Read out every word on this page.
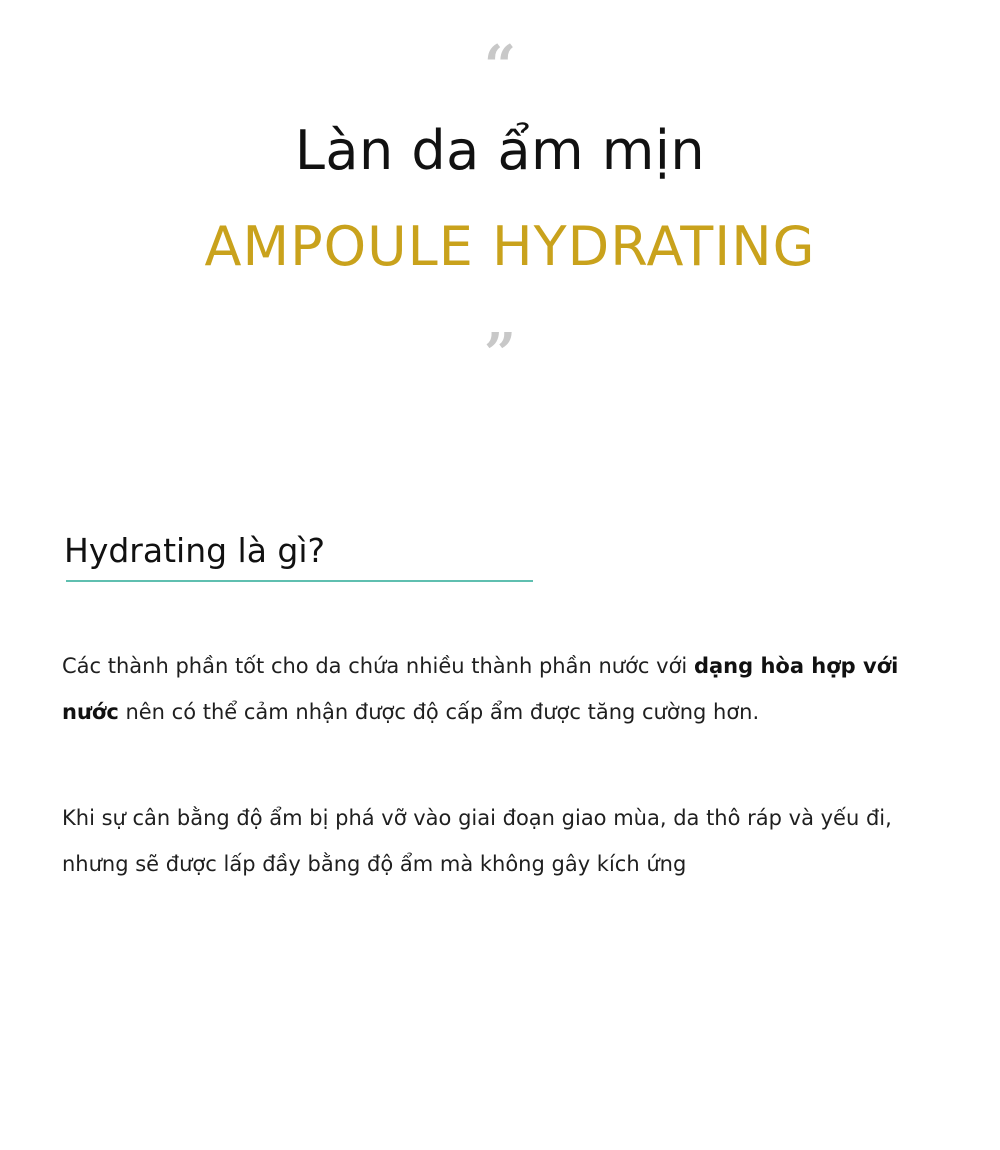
“
Làn da ẩm mịn
AMPOULE HYDRATING
”
Hydrating là gì?

Các thành phần tốt cho da chứa nhiều thành phần nước với dạng hòa hợp với nước nên có thể cảm nhận được độ cấp ẩm được tăng cường hơn.

Khi sự cân bằng độ ẩm bị phá vỡ vào giai đoạn giao mùa, da thô ráp và yếu đi, nhưng sẽ được lấp đầy bằng độ ẩm mà không gây kích ứng
